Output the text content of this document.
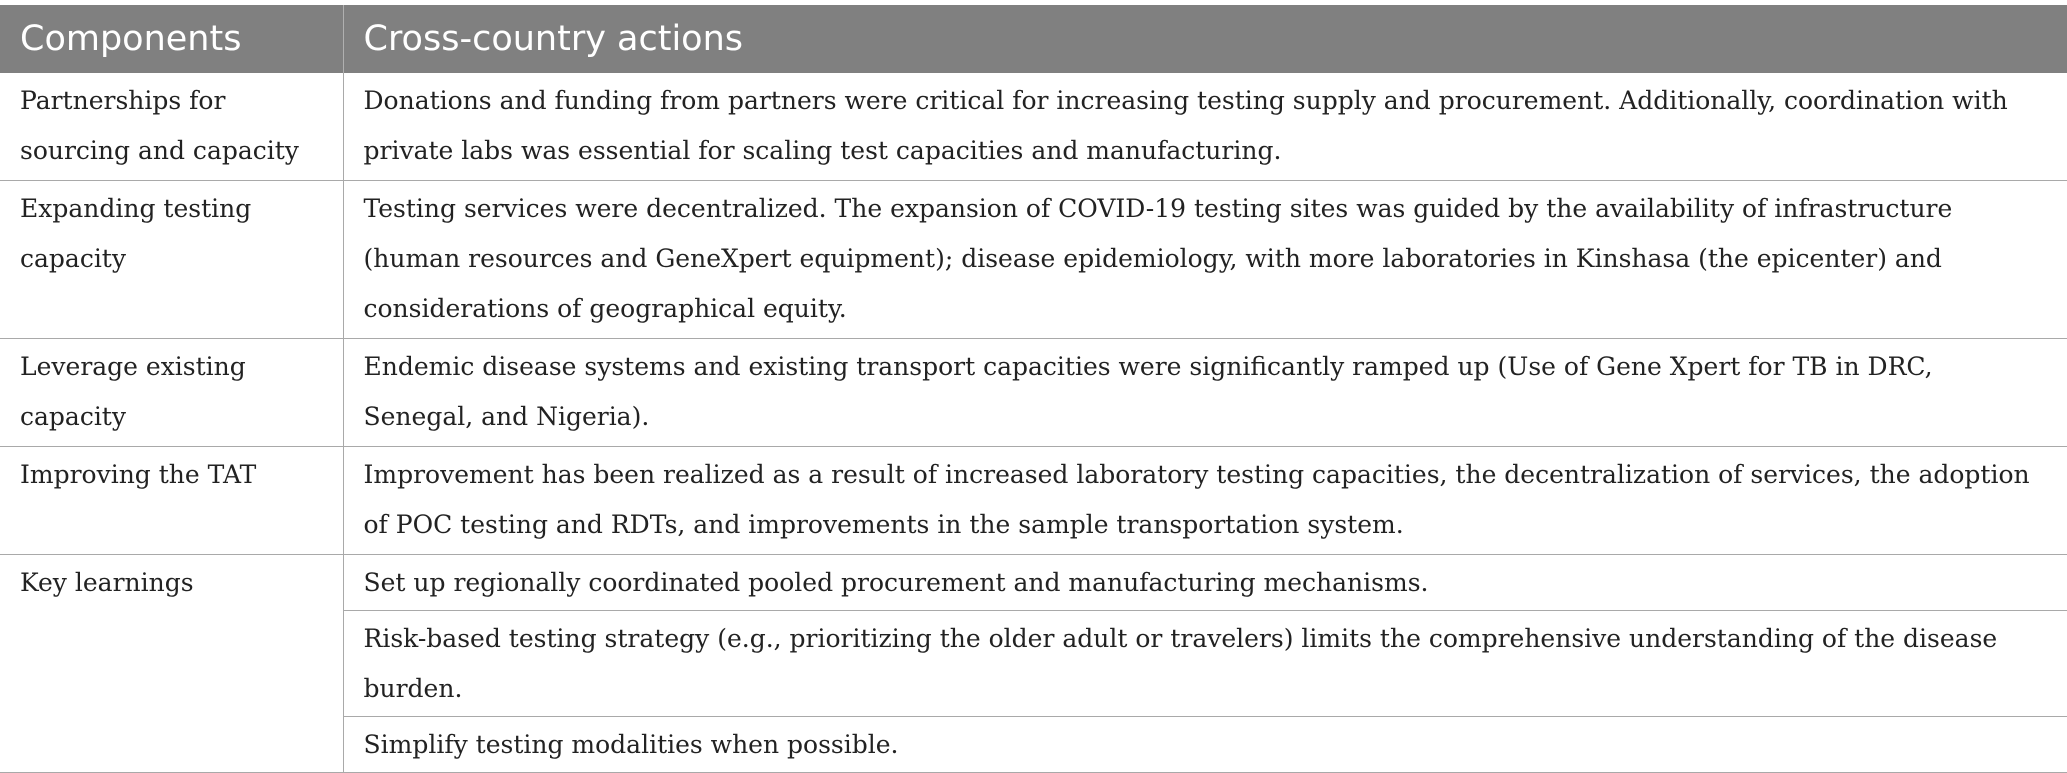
Components	Cross-country actions
Partnerships for sourcing and capacity	Donations and funding from partners were critical for increasing testing supply and procurement. Additionally, coordination with private labs was essential for scaling test capacities and manufacturing.
Expanding testing capacity	Testing services were decentralized. The expansion of COVID-19 testing sites was guided by the availability of infrastructure (human resources and GeneXpert equipment); disease epidemiology, with more laboratories in Kinshasa (the epicenter) and considerations of geographical equity.
Leverage existing capacity	Endemic disease systems and existing transport capacities were significantly ramped up (Use of Gene Xpert for TB in DRC, Senegal, and Nigeria).
Improving the TAT	Improvement has been realized as a result of increased laboratory testing capacities, the decentralization of services, the adoption of POC testing and RDTs, and improvements in the sample transportation system.
Key learnings	Set up regionally coordinated pooled procurement and manufacturing mechanisms.
	Risk-based testing strategy (e.g., prioritizing the older adult or travelers) limits the comprehensive understanding of the disease burden.
	Simplify testing modalities when possible.
